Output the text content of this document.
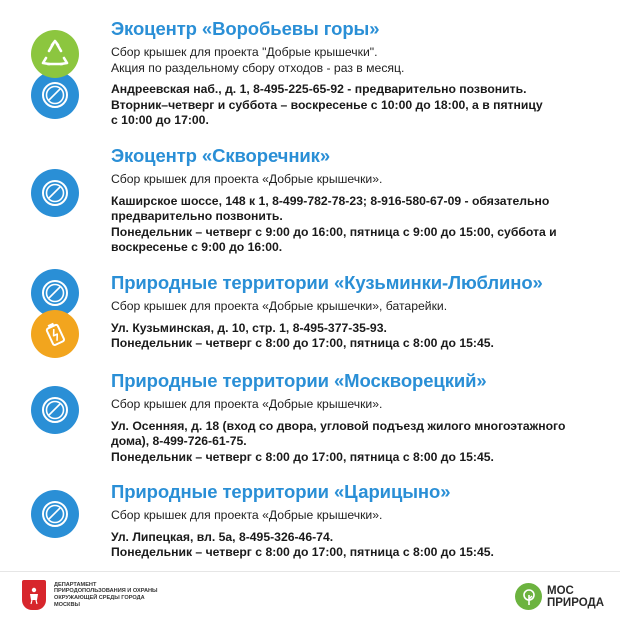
Экоцентр «Воробьевы горы»
Сбор крышек для проекта "Добрые крышечки".
Акция по раздельному сбору отходов - раз в месяц.
Андреевская наб., д. 1, 8-495-225-65-92 - предварительно позвонить.
Вторник–четверг и суббота – воскресенье с 10:00 до 18:00, а в пятницу
с 10:00 до 17:00.
Экоцентр «Скворечник»
Сбор крышек для проекта «Добрые крышечки».
Каширское шоссе, 148 к 1, 8-499-782-78-23; 8-916-580-67-09 - обязательно
предварительно позвонить.
Понедельник – четверг с 9:00 до 16:00, пятница с 9:00 до 15:00, суббота и
воскресенье с 9:00 до 16:00.
Природные территории «Кузьминки-Люблино»
Сбор крышек для проекта «Добрые крышечки», батарейки.
Ул. Кузьминская, д. 10, стр. 1, 8-495-377-35-93.
Понедельник – четверг с 8:00 до 17:00, пятница с 8:00 до 15:45.
Природные территории «Москворецкий»
Сбор крышек для проекта «Добрые крышечки».
Ул. Осенняя, д. 18 (вход со двора, угловой подъезд жилого многоэтажного
дома), 8-499-726-61-75.
Понедельник – четверг с 8:00 до 17:00, пятница с 8:00 до 15:45.
Природные территории «Царицыно»
Сбор крышек для проекта «Добрые крышечки».
Ул. Липецкая, вл. 5а, 8-495-326-46-74.
Понедельник – четверг с 8:00 до 17:00, пятница с 8:00 до 15:45.
ДЕПАРТАМЕНТ ПРИРОДОПОЛЬЗОВАНИЯ И ОХРАНЫ ОКРУЖАЮЩЕЙ СРЕДЫ ГОРОДА МОСКВЫ
МОС
ПРИРОДА
